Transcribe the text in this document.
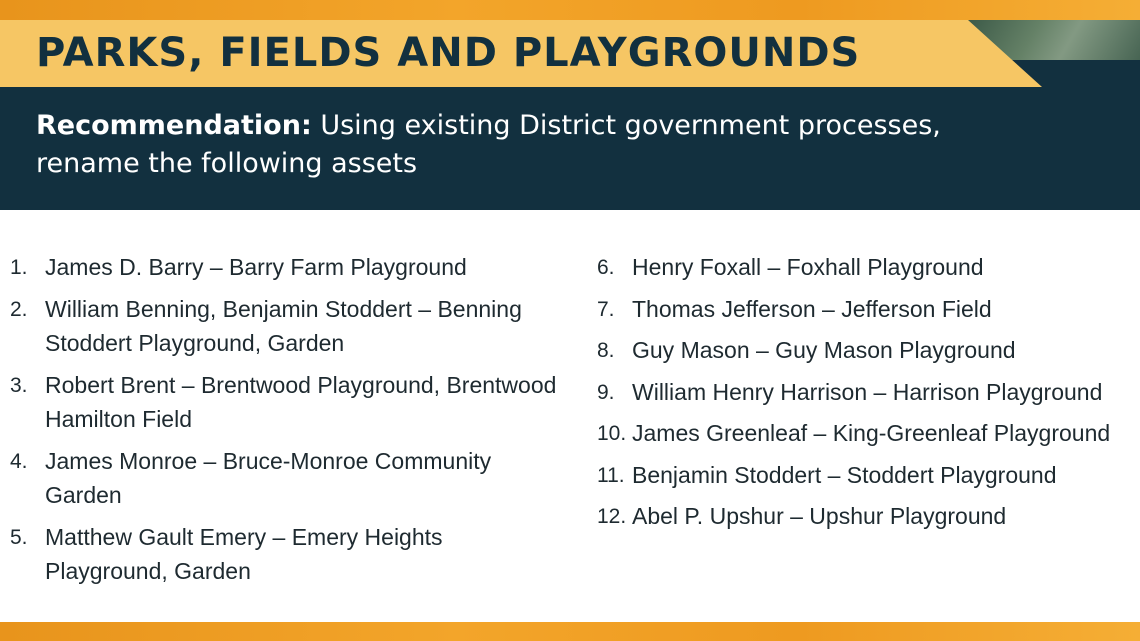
PARKS, FIELDS AND PLAYGROUNDS
Recommendation: Using existing District government processes, rename the following assets
1. James D. Barry – Barry Farm Playground
2. William Benning, Benjamin Stoddert – Benning Stoddert Playground, Garden
3. Robert Brent – Brentwood Playground, Brentwood Hamilton Field
4. James Monroe – Bruce-Monroe Community Garden
5. Matthew Gault Emery – Emery Heights Playground, Garden
6. Henry Foxall – Foxhall Playground
7. Thomas Jefferson – Jefferson Field
8. Guy Mason – Guy Mason Playground
9. William Henry Harrison – Harrison Playground
10. James Greenleaf – King-Greenleaf Playground
11. Benjamin Stoddert – Stoddert Playground
12. Abel P. Upshur – Upshur Playground
